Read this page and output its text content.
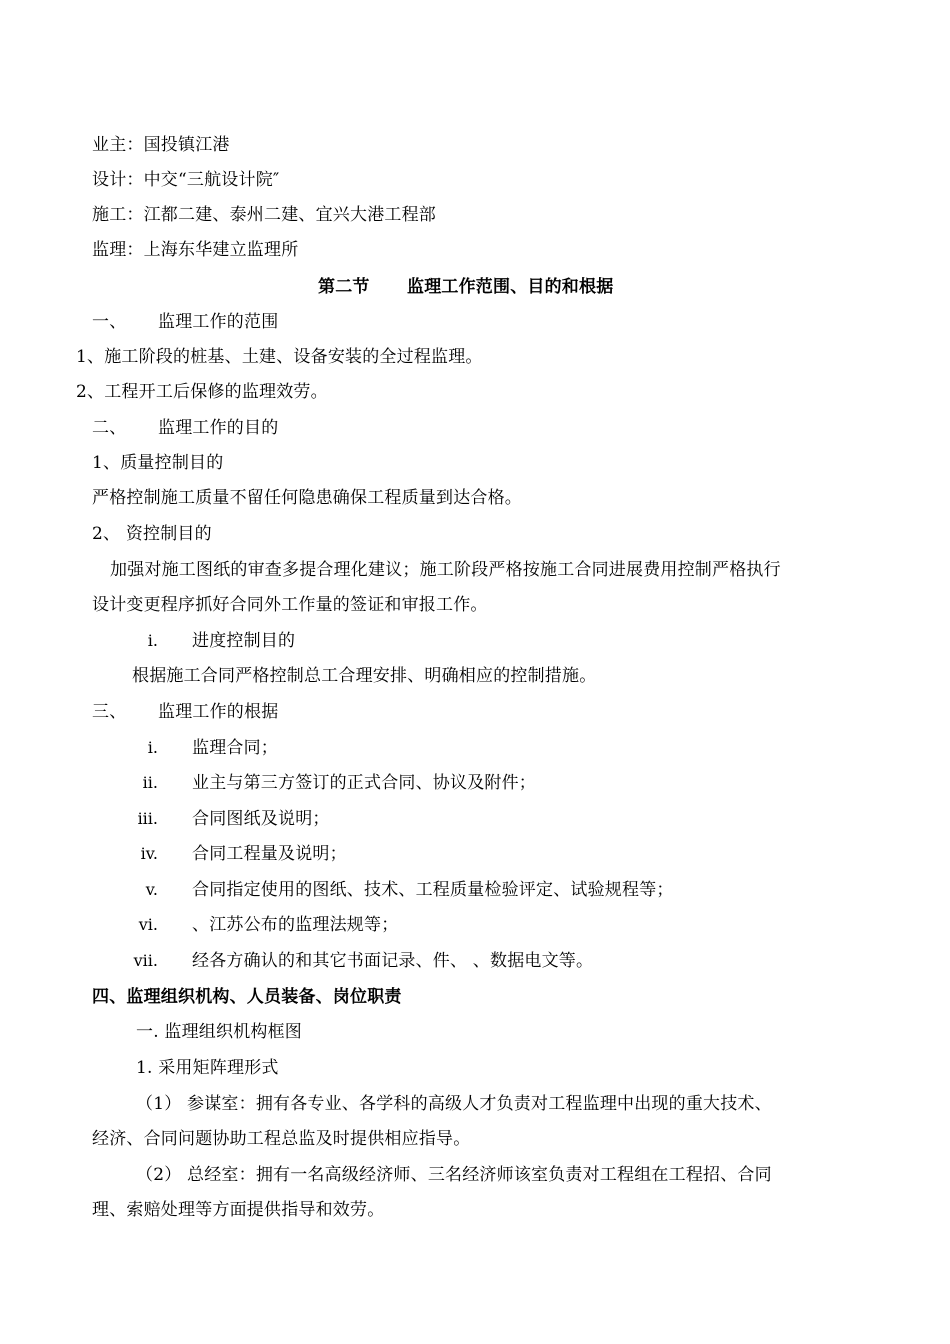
业主：国投镇江港
设计：中交“三航设计院″
施工：江都二建、泰州二建、宜兴大港工程部
监理：上海东华建立监理所
第二节 监理工作范围、目的和根据
一、 监理工作的范围
1、施工阶段的桩基、土建、设备安装的全过程监理。
2、工程开工后保修的监理效劳。
二、 监理工作的目的
1、质量控制目的
严格控制施工质量不留任何隐患确保工程质量到达合格。
2、 资控制目的
加强对施工图纸的审查多提合理化建议；施工阶段严格按施工合同进展费用控制严格执行
设计变更程序抓好合同外工作量的签证和审报工作。
i. 进度控制目的
根据施工合同严格控制总工合理安排、明确相应的控制措施。
三、 监理工作的根据
i. 监理合同；
ii. 业主与第三方签订的正式合同、协议及附件；
iii. 合同图纸及说明；
iv. 合同工程量及说明；
v. 合同指定使用的图纸、技术、工程质量检验评定、试验规程等；
vi. 、江苏公布的监理法规等；
vii. 经各方确认的和其它书面记录、件、 、数据电文等。
四、监理组织机构、人员装备、岗位职责
一. 监理组织机构框图
1. 采用矩阵理形式
（1） 参谋室：拥有各专业、各学科的高级人才负责对工程监理中出现的重大技术、
经济、合同问题协助工程总监及时提供相应指导。
（2） 总经室：拥有一名高级经济师、三名经济师该室负责对工程组在工程招、合同
理、索赔处理等方面提供指导和效劳。
